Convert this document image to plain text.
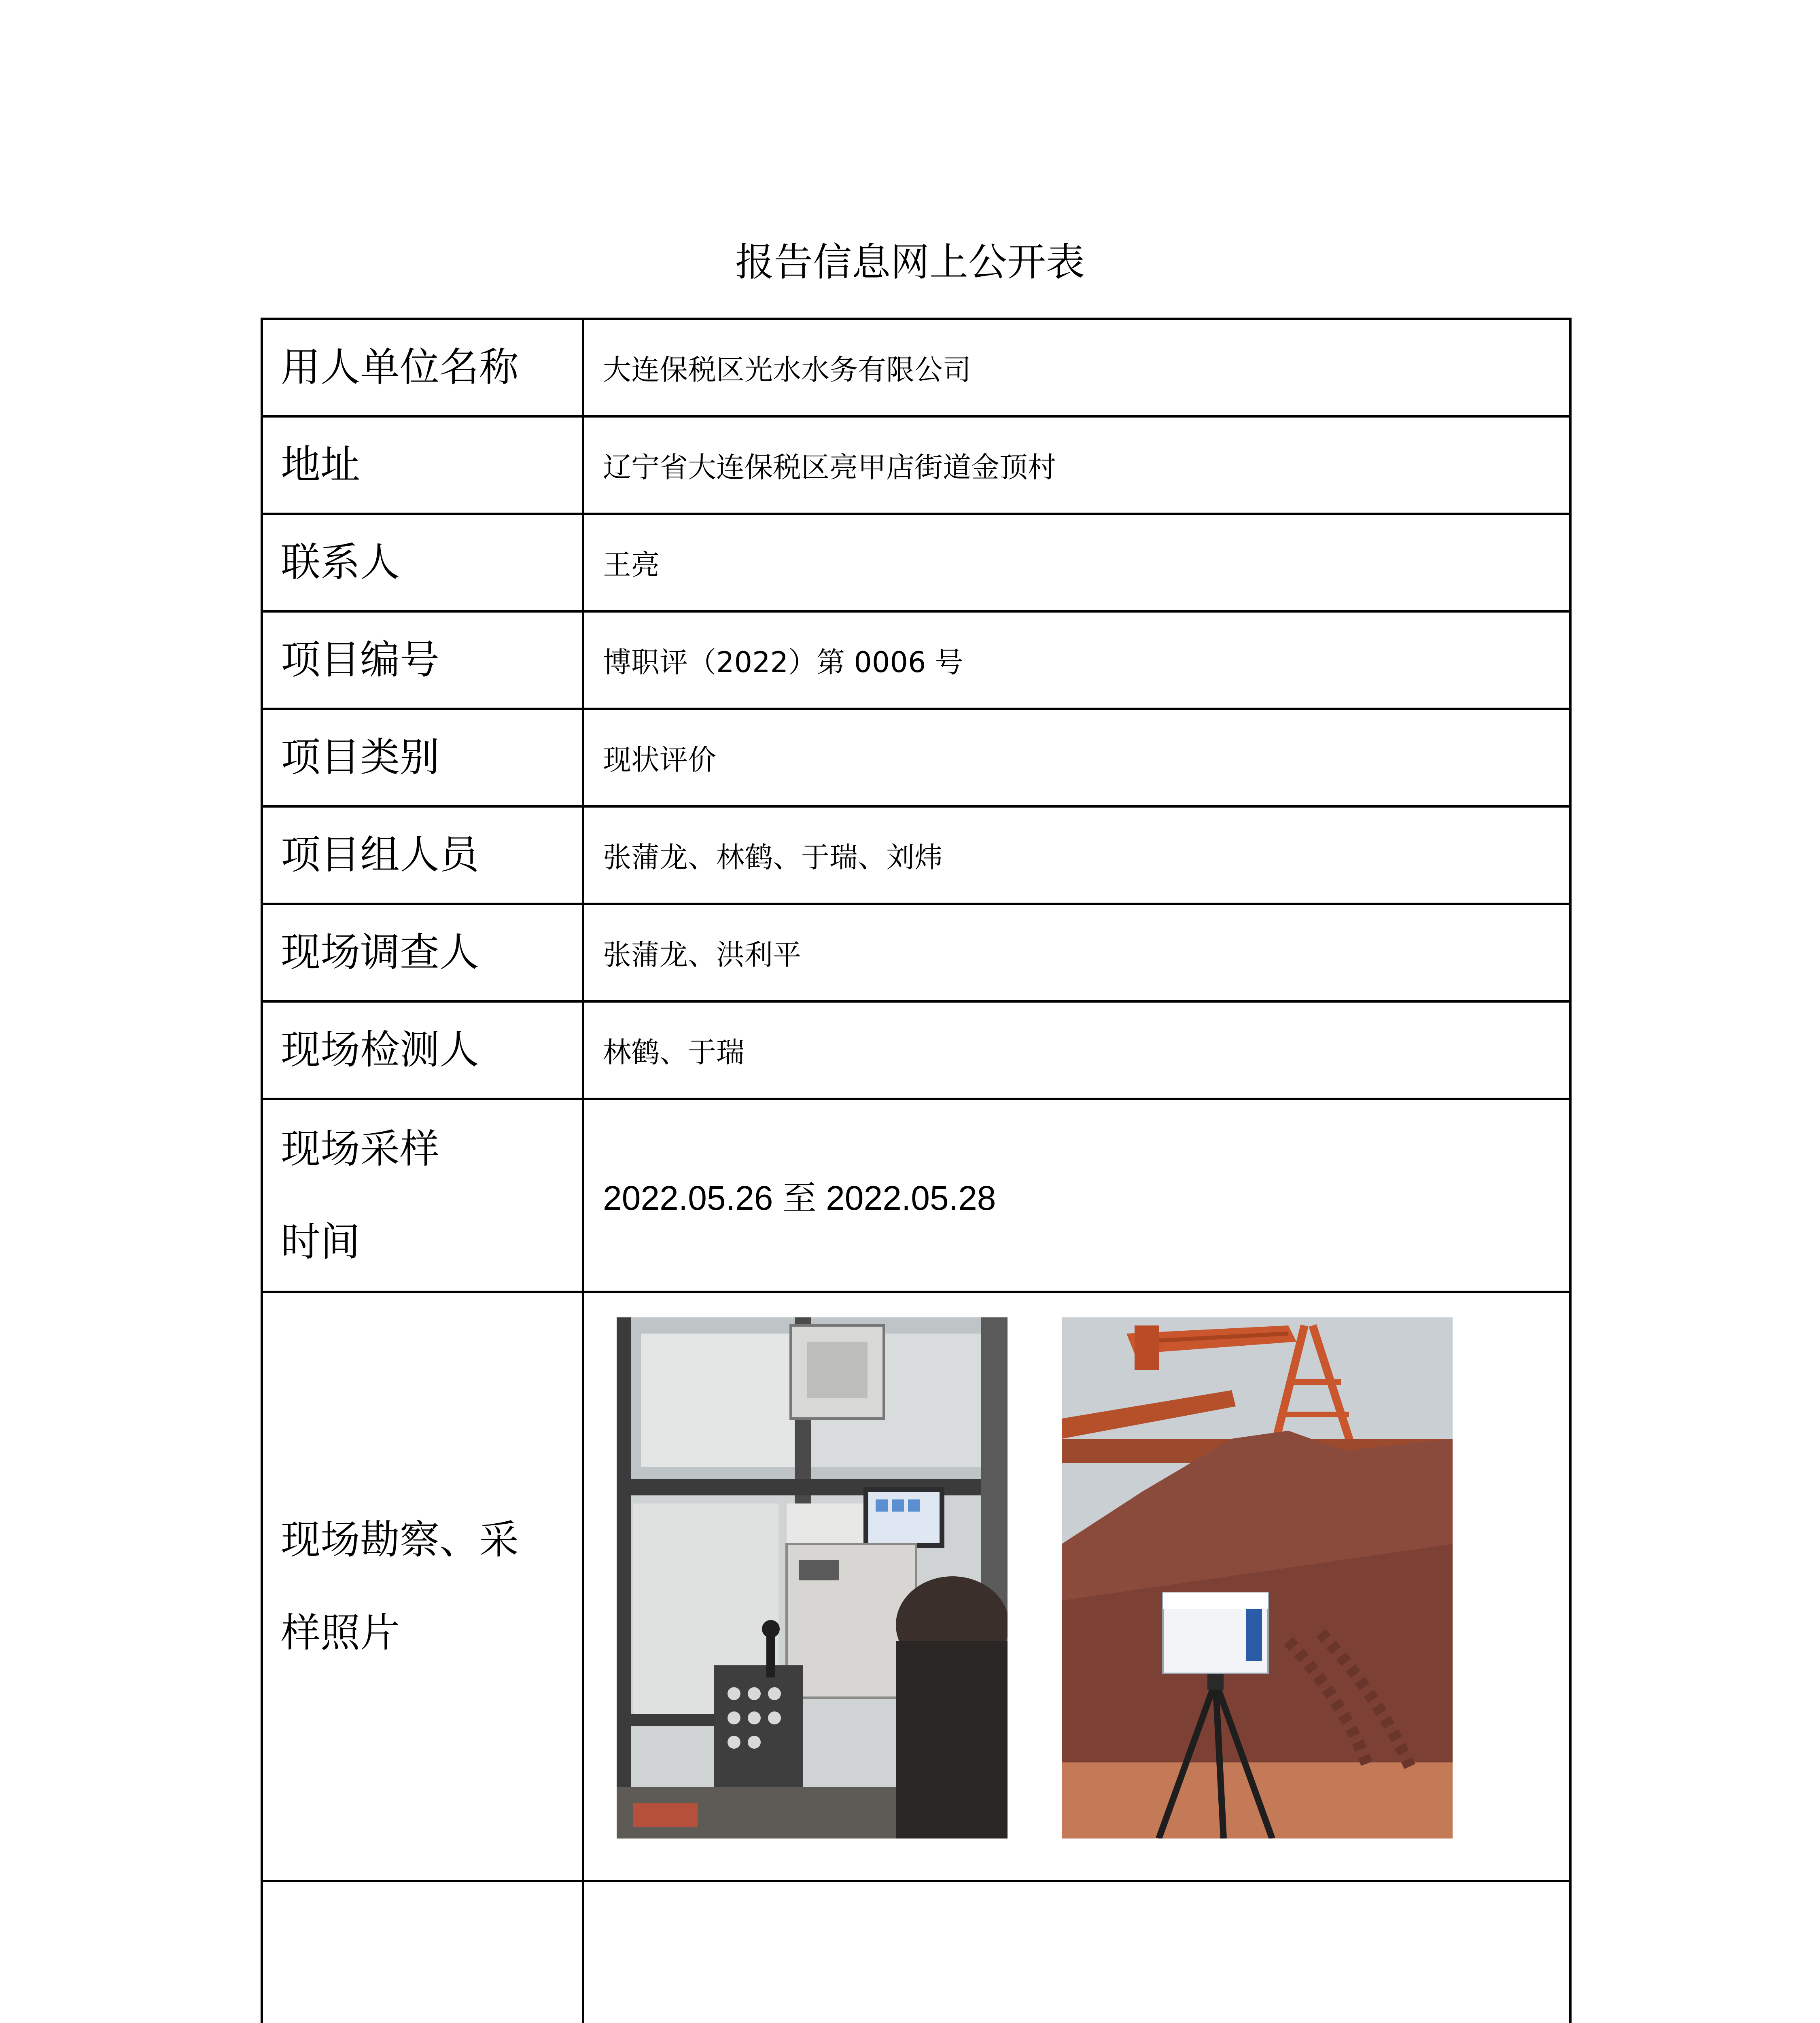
报告信息网上公开表
用人单位名称	大连保税区光水水务有限公司
地址	辽宁省大连保税区亮甲店街道金顶村
联系人	王亮
项目编号	博职评（2022）第 0006 号
项目类别	现状评价
项目组人员	张蒲龙、林鹤、于瑞、刘炜
现场调查人	张蒲龙、洪利平
现场检测人	林鹤、于瑞
现场采样
时间	2022.05.26 至 2022.05.28
现场勘察、采
样照片	
